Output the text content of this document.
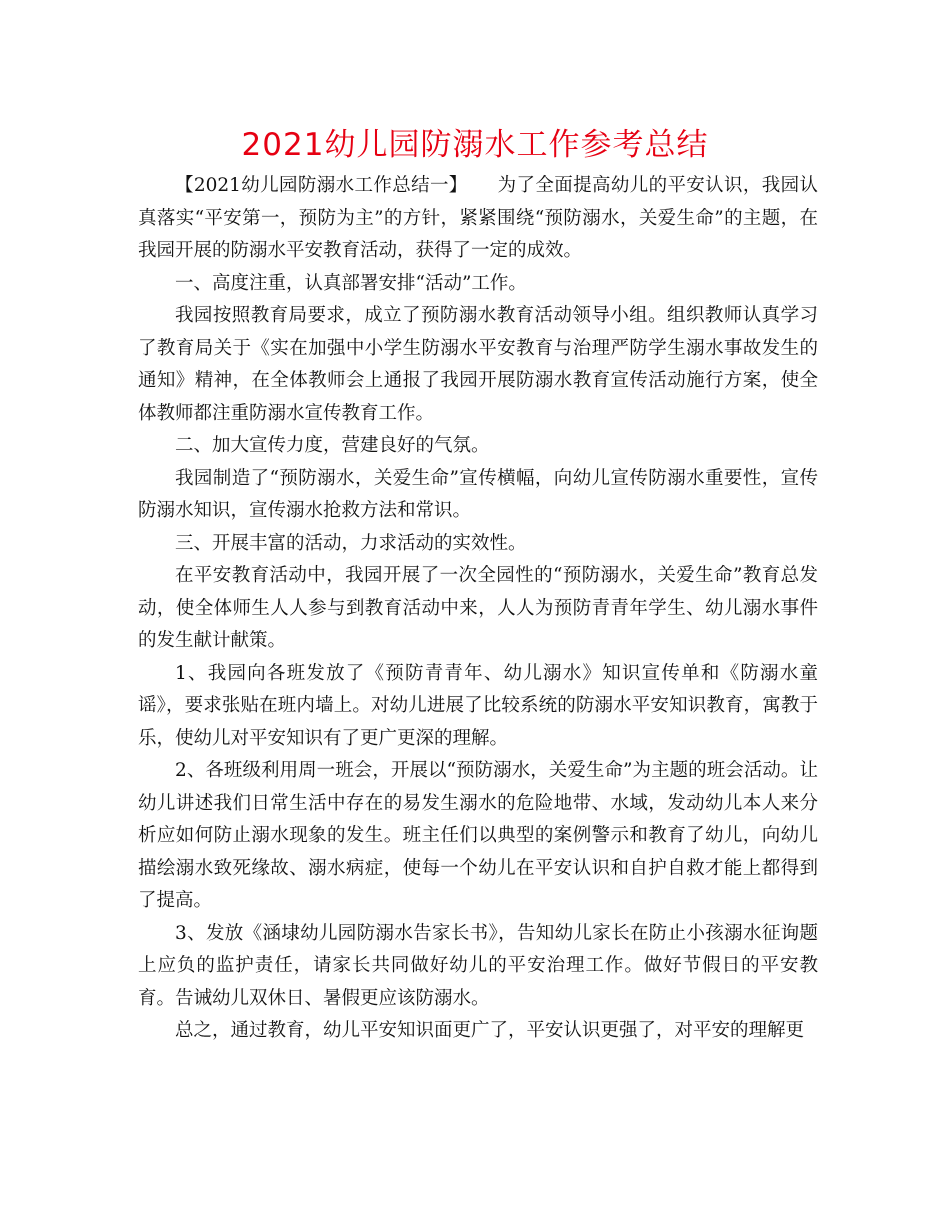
2021幼儿园防溺水工作参考总结

【2021幼儿园防溺水工作总结一】 为了全面提高幼儿的平安认识，我园认真落实“平安第一，预防为主”的方针，紧紧围绕“预防溺水，关爱生命”的主题，在我园开展的防溺水平安教育活动，获得了一定的成效。

一、高度注重，认真部署安排“活动”工作。

我园按照教育局要求，成立了预防溺水教育活动领导小组。组织教师认真学习了教育局关于《实在加强中小学生防溺水平安教育与治理严防学生溺水事故发生的通知》精神，在全体教师会上通报了我园开展防溺水教育宣传活动施行方案，使全体教师都注重防溺水宣传教育工作。

二、加大宣传力度，营建良好的气氛。

我园制造了“预防溺水，关爱生命”宣传横幅，向幼儿宣传防溺水重要性，宣传防溺水知识，宣传溺水抢救方法和常识。

三、开展丰富的活动，力求活动的实效性。

在平安教育活动中，我园开展了一次全园性的“预防溺水，关爱生命”教育总发动，使全体师生人人参与到教育活动中来，人人为预防青青年学生、幼儿溺水事件的发生献计献策。

1、我园向各班发放了《预防青青年、幼儿溺水》知识宣传单和《防溺水童谣》，要求张贴在班内墙上。对幼儿进展了比较系统的防溺水平安知识教育，寓教于乐，使幼儿对平安知识有了更广更深的理解。

2、各班级利用周一班会，开展以“预防溺水，关爱生命”为主题的班会活动。让幼儿讲述我们日常生活中存在的易发生溺水的危险地带、水域，发动幼儿本人来分析应如何防止溺水现象的发生。班主任们以典型的案例警示和教育了幼儿，向幼儿描绘溺水致死缘故、溺水病症，使每一个幼儿在平安认识和自护自救才能上都得到了提高。

3、发放《涵埭幼儿园防溺水告家长书》，告知幼儿家长在防止小孩溺水征询题上应负的监护责任，请家长共同做好幼儿的平安治理工作。做好节假日的平安教育。告诫幼儿双休日、暑假更应该防溺水。

总之，通过教育，幼儿平安知识面更广了，平安认识更强了，对平安的理解更
